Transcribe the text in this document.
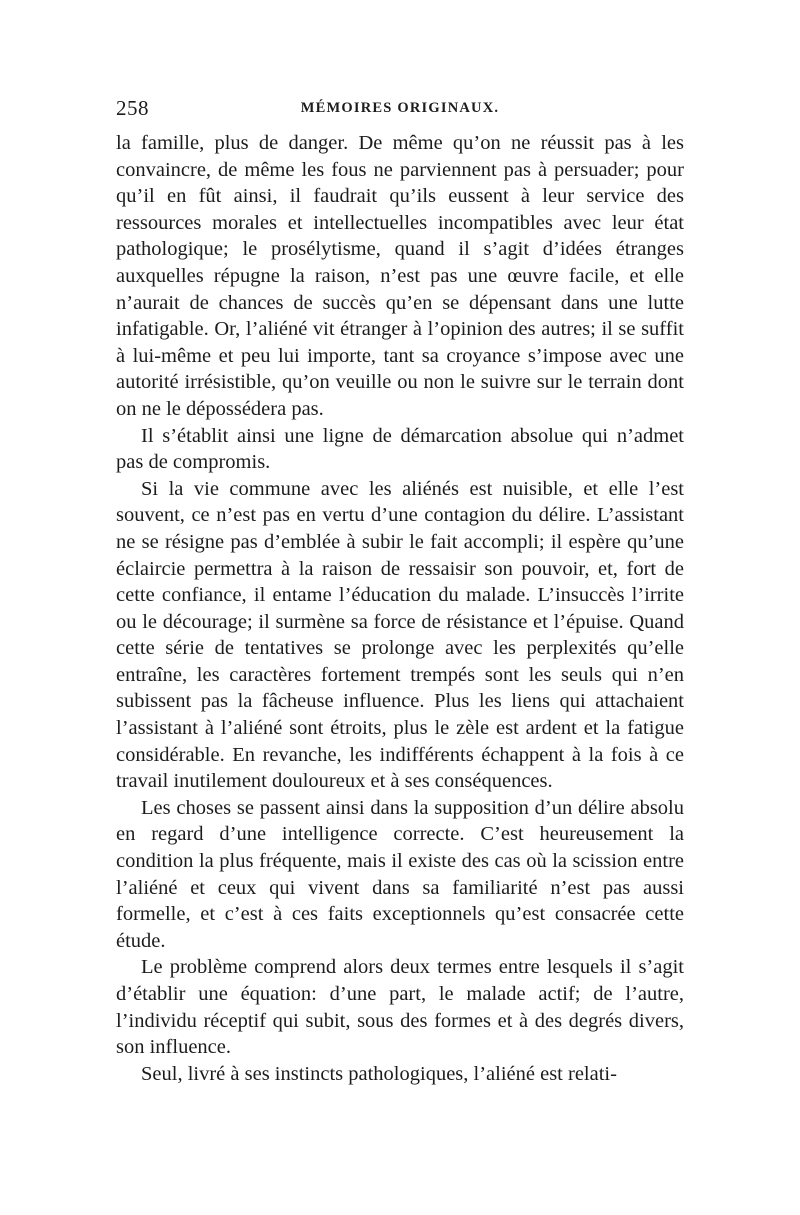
258	MÉMOIRES ORIGINAUX.

la famille, plus de danger. De même qu’on ne réussit pas à les convaincre, de même les fous ne parviennent pas à persuader; pour qu’il en fût ainsi, il faudrait qu’ils eussent à leur service des ressources morales et intellectuelles incompatibles avec leur état pathologique; le prosélytisme, quand il s’agit d’idées étranges auxquelles répugne la raison, n’est pas une œuvre facile, et elle n’aurait de chances de succès qu’en se dépensant dans une lutte infatigable. Or, l’aliéné vit étranger à l’opinion des autres; il se suffit à lui-même et peu lui importe, tant sa croyance s’impose avec une autorité irrésistible, qu’on veuille ou non le suivre sur le terrain dont on ne le dépossédera pas.

Il s’établit ainsi une ligne de démarcation absolue qui n’admet pas de compromis.

Si la vie commune avec les aliénés est nuisible, et elle l’est souvent, ce n’est pas en vertu d’une contagion du délire. L’assistant ne se résigne pas d’emblée à subir le fait accompli; il espère qu’une éclaircie permettra à la raison de ressaisir son pouvoir, et, fort de cette confiance, il entame l’éducation du malade. L’insuccès l’irrite ou le décourage; il surmène sa force de résistance et l’épuise. Quand cette série de tentatives se prolonge avec les perplexités qu’elle entraîne, les caractères fortement trempés sont les seuls qui n’en subissent pas la fâcheuse influence. Plus les liens qui attachaient l’assistant à l’aliéné sont étroits, plus le zèle est ardent et la fatigue considérable. En revanche, les indifférents échappent à la fois à ce travail inutilement douloureux et à ses conséquences.

Les choses se passent ainsi dans la supposition d’un délire absolu en regard d’une intelligence correcte. C’est heureusement la condition la plus fréquente, mais il existe des cas où la scission entre l’aliéné et ceux qui vivent dans sa familiarité n’est pas aussi formelle, et c’est à ces faits exceptionnels qu’est consacrée cette étude.

Le problème comprend alors deux termes entre lesquels il s’agit d’établir une équation: d’une part, le malade actif; de l’autre, l’individu réceptif qui subit, sous des formes et à des degrés divers, son influence.

Seul, livré à ses instincts pathologiques, l’aliéné est relati-
